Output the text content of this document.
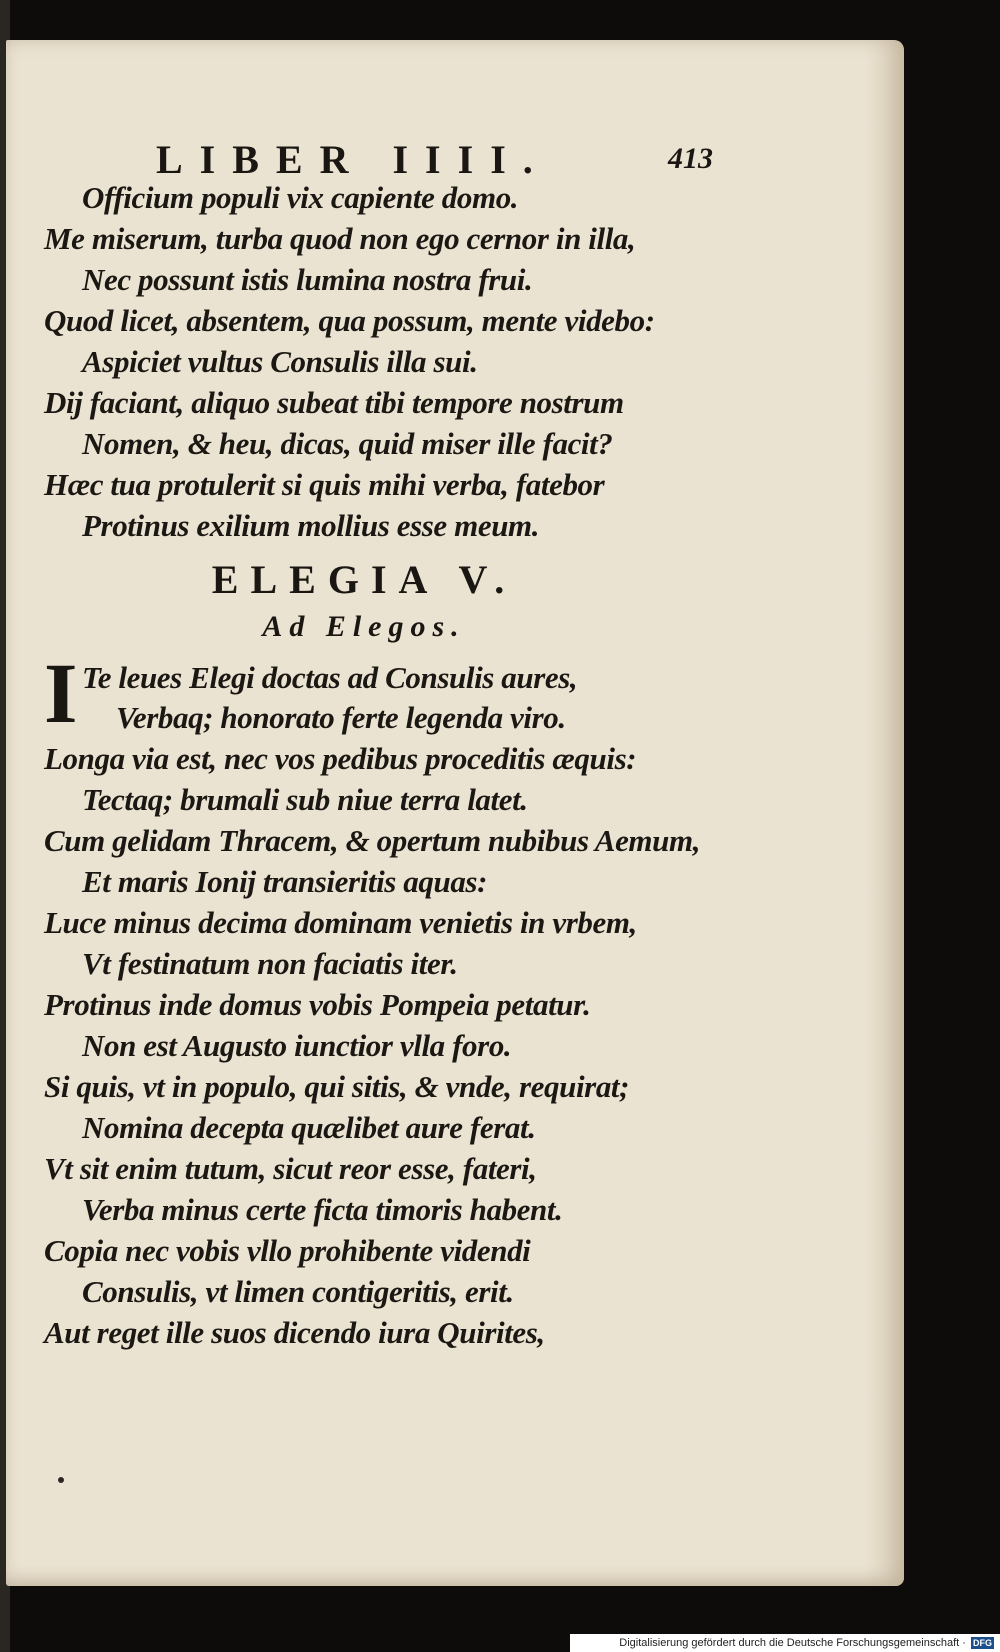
LIBER IIII.	413
Officium populi vix capiente domo.
Me miserum, turba quod non ego cernor in illa,
Nec possunt istis lumina nostra frui.
Quod licet, absentem, qua possum, mente videbo:
Aspiciet vultus Consulis illa sui.
Dij faciant, aliquo subeat tibi tempore nostrum
Nomen, & heu, dicas, quid miser ille facit?
Hæc tua protulerit si quis mihi verba, fatebor
Protinus exilium mollius esse meum.
ELEGIA V.
Ad Elegos.
I Te leues Elegi doctas ad Consulis aures,
Verbaq; honorato ferte legenda viro.
Longa via est, nec vos pedibus proceditis æquis:
Tectaq; brumali sub niue terra latet.
Cum gelidam Thracem, & opertum nubibus Aemum,
Et maris Ionij transieritis aquas:
Luce minus decima dominam venietis in vrbem,
Vt festinatum non faciatis iter.
Protinus inde domus vobis Pompeia petatur.
Non est Augusto iunctior vlla foro.
Si quis, vt in populo, qui sitis, & vnde, requirat;
Nomina decepta quælibet aure ferat.
Vt sit enim tutum, sicut reor esse, fateri,
Verba minus certe ficta timoris habent.
Copia nec vobis vllo prohibente videndi
Consulis, vt limen contigeritis, erit.
Aut reget ille suos dicendo iura Quirites,
Digitalisierung gefördert durch die Deutsche Forschungsgemeinschaft · DFG
